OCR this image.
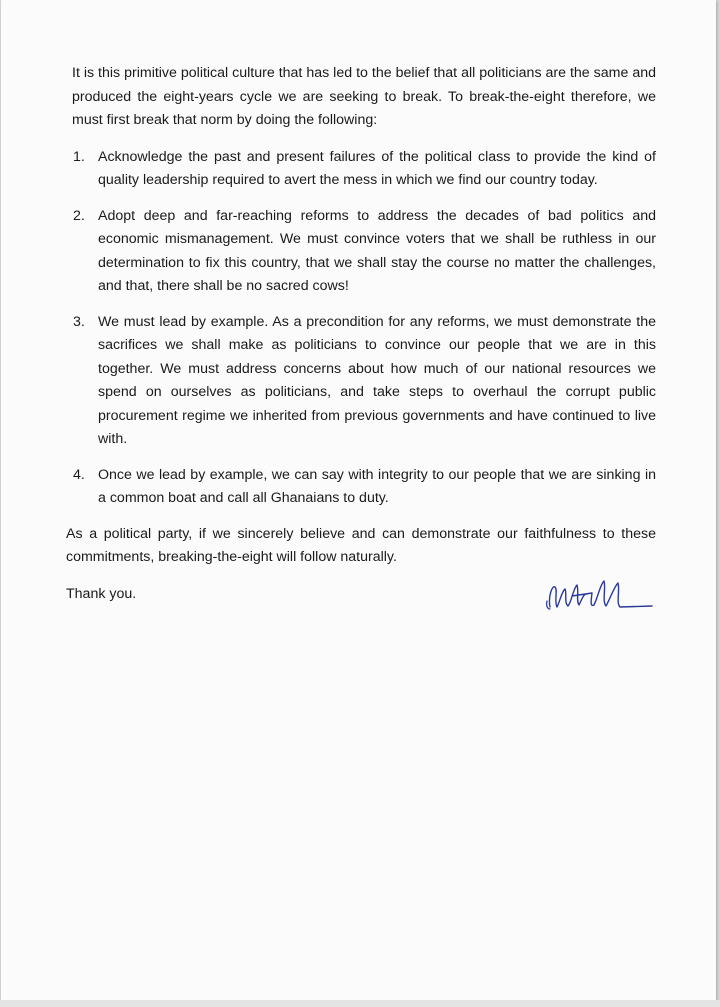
It is this primitive political culture that has led to the belief that all politicians are the same and produced the eight-years cycle we are seeking to break. To break-the-eight therefore, we must first break that norm by doing the following:

1. Acknowledge the past and present failures of the political class to provide the kind of quality leadership required to avert the mess in which we find our country today.
2. Adopt deep and far-reaching reforms to address the decades of bad politics and economic mismanagement. We must convince voters that we shall be ruthless in our determination to fix this country, that we shall stay the course no matter the challenges, and that, there shall be no sacred cows!
3. We must lead by example. As a precondition for any reforms, we must demonstrate the sacrifices we shall make as politicians to convince our people that we are in this together. We must address concerns about how much of our national resources we spend on ourselves as politicians, and take steps to overhaul the corrupt public procurement regime we inherited from previous governments and have continued to live with.
4. Once we lead by example, we can say with integrity to our people that we are sinking in a common boat and call all Ghanaians to duty.

As a political party, if we sincerely believe and can demonstrate our faithfulness to these commitments, breaking-the-eight will follow naturally.

Thank you.
